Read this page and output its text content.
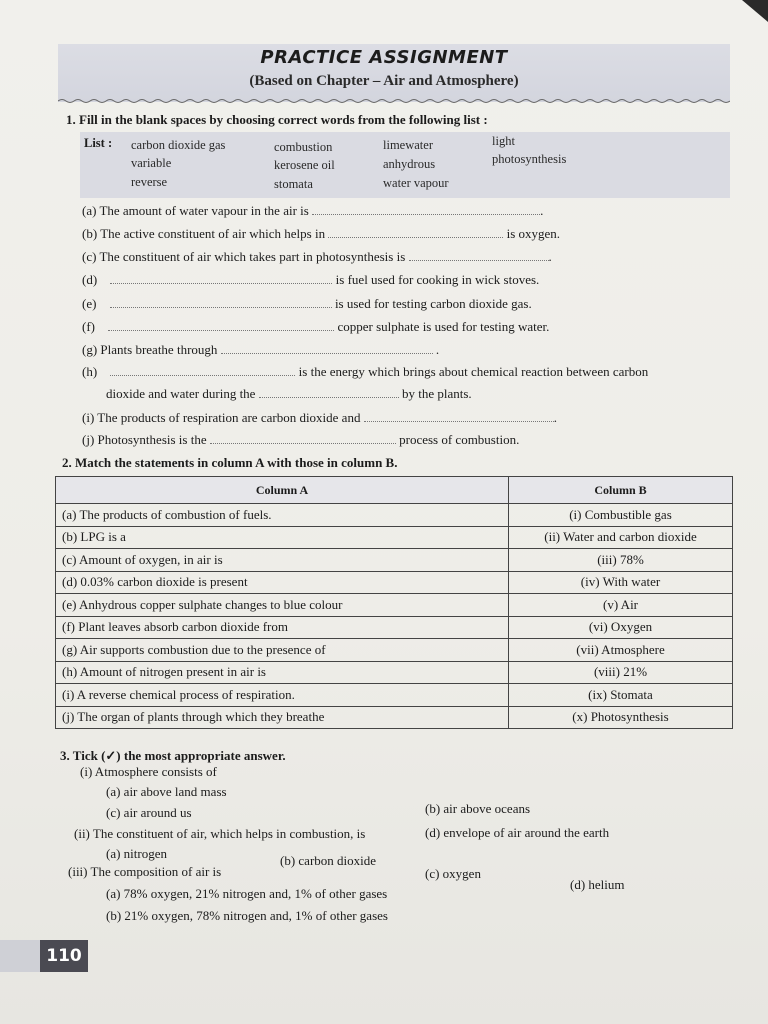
PRACTICE ASSIGNMENT
(Based on Chapter – Air and Atmosphere)
1. Fill in the blank spaces by choosing correct words from the following list :
List : carbon dioxide gas
variable
reverse
combustion
kerosene oil
stomata
limewater
anhydrous
water vapour
light
photosynthesis
(a) The amount of water vapour in the air is	.
(b) The active constituent of air which helps in	is oxygen.
(c) The constituent of air which takes part in photosynthesis is	.
(d)	is fuel used for cooking in wick stoves.
(e)	is used for testing carbon dioxide gas.
(f)	copper sulphate is used for testing water.
(g) Plants breathe through	.
(h)	is the energy which brings about chemical reaction between carbon
dioxide and water during the	by the plants.
(i) The products of respiration are carbon dioxide and	.
(j) Photosynthesis is the	process of combustion.
2. Match the statements in column A with those in column B.
Column A	Column B
(a) The products of combustion of fuels.	(i) Combustible gas
(b) LPG is a	(ii) Water and carbon dioxide
(c) Amount of oxygen, in air is	(iii) 78%
(d) 0.03% carbon dioxide is present	(iv) With water
(e) Anhydrous copper sulphate changes to blue colour	(v) Air
(f) Plant leaves absorb carbon dioxide from	(vi) Oxygen
(g) Air supports combustion due to the presence of	(vii) Atmosphere
(h) Amount of nitrogen present in air is	(viii) 21%
(i) A reverse chemical process of respiration.	(ix) Stomata
(j) The organ of plants through which they breathe	(x) Photosynthesis
3. Tick (✓) the most appropriate answer.
(i) Atmosphere consists of
(a) air above land mass
(c) air around us	(b) air above oceans
(d) envelope of air around the earth
(ii) The constituent of air, which helps in combustion, is
(a) nitrogen	(b) carbon dioxide
(c) oxygen
(d) helium
(iii) The composition of air is
(a) 78% oxygen, 21% nitrogen and, 1% of other gases
(b) 21% oxygen, 78% nitrogen and, 1% of other gases
110
